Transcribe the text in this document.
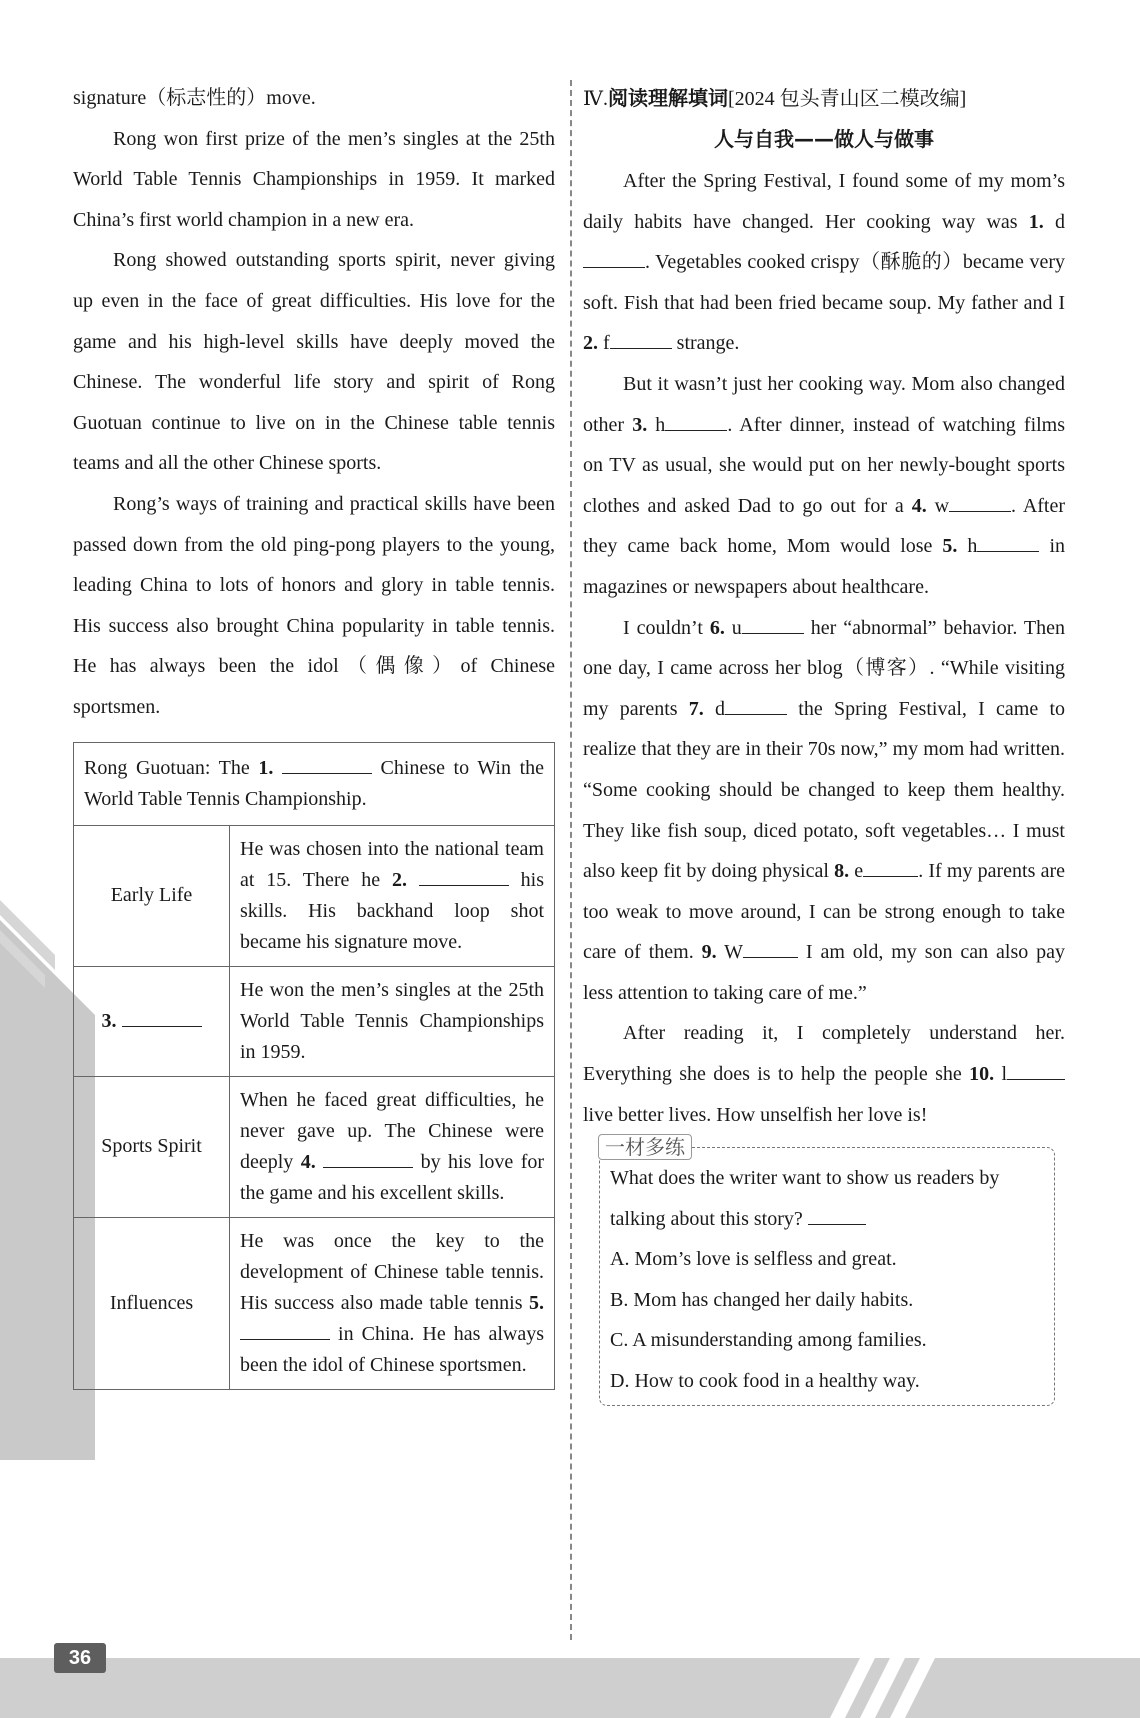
signature（标志性的）move.

Rong won first prize of the men’s singles at the 25th World Table Tennis Championships in 1959. It marked China’s first world champion in a new era.

Rong showed outstanding sports spirit, never giving up even in the face of great difficulties. His love for the game and his high-level skills have deeply moved the Chinese. The wonderful life story and spirit of Rong Guotuan continue to live on in the Chinese table tennis teams and all the other Chinese sports.

Rong’s ways of training and practical skills have been passed down from the old ping-pong players to the young, leading China to lots of honors and glory in table tennis. His success also brought China popularity in table tennis. He has always been the idol（偶像）of Chinese sportsmen.

Rong Guotuan: The 1. Chinese to Win the World Table Tennis Championship.	
Early Life	He was chosen into the national team at 15. There he 2. his skills. His backhand loop shot became his signature move.
3.	He won the men’s singles at the 25th World Table Tennis Championships in 1959.
Sports Spirit	When he faced great difficulties, he never gave up. The Chinese were deeply 4. by his love for the game and his excellent skills.
Influences	He was once the key to the development of Chinese table tennis. His success also made table tennis 5.  in China. He has always been the idol of Chinese sportsmen.

Ⅳ.阅读理解填词[2024 包头青山区二模改编]

人与自我——做人与做事

After the Spring Festival, I found some of my mom’s daily habits have changed. Her cooking way was 1. d. Vegetables cooked crispy（酥脆的）became very soft. Fish that had been fried became soup. My father and I 2. f	strange.

But it wasn’t just her cooking way. Mom also changed other 3. h	. After dinner, instead of watching films on TV as usual, she would put on her newly-bought sports clothes and asked Dad to go out for a 4. w	. After they came back home, Mom would lose 5. h	in magazines or newspapers about healthcare.

I couldn’t 6. u	her “abnormal” behavior. Then one day, I came across her blog（博客）. “While visiting my parents 7. d	the Spring Festival, I came to realize that they are in their 70s now,” my mom had written. “Some cooking should be changed to keep them healthy. They like fish soup, diced potato, soft vegetables… I must also keep fit by doing physical 8. e	. If my parents are too weak to move around, I can be strong enough to take care of them. 9. W	I am old, my son can also pay less attention to taking care of me.”

After reading it, I completely understand her. Everything she does is to help the people she 10. l live better lives. How unselfish her love is!

一材多练

What does the writer want to show us readers by talking about this story?

A. Mom’s love is selfless and great.

B. Mom has changed her daily habits.

C. A misunderstanding among families.

D. How to cook food in a healthy way.

36
